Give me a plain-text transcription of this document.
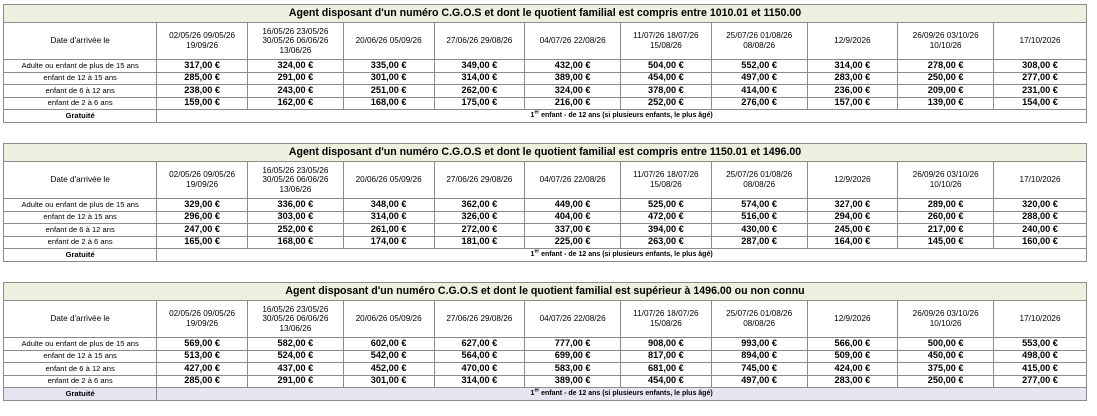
Agent disposant d'un numéro C.G.O.S et dont le quotient familial est compris entre 1010.01 et 1150.00										
Date d'arrivée le	02/05/26 09/05/26 19/09/26	16/05/26 23/05/26 30/05/26 06/06/26 13/06/26	20/06/26 05/09/26	27/06/26 29/08/26	04/07/26 22/08/26	11/07/26 18/07/26 15/08/26	25/07/26 01/08/26 08/08/26	12/9/2026	26/09/26 03/10/26 10/10/26	17/10/2026
Adulte ou enfant de plus de 15 ans	317,00 €	324,00 €	335,00 €	349,00 €	432,00 €	504,00 €	552,00 €	314,00 €	278,00 €	308,00 €
enfant de 12 à 15 ans	285,00 €	291,00 €	301,00 €	314,00 €	389,00 €	454,00 €	497,00 €	283,00 €	250,00 €	277,00 €
enfant de 6 à 12 ans	238,00 €	243,00 €	251,00 €	262,00 €	324,00 €	378,00 €	414,00 €	236,00 €	209,00 €	231,00 €
enfant de 2 à 6 ans	159,00 €	162,00 €	168,00 €	175,00 €	216,00 €	252,00 €	276,00 €	157,00 €	139,00 €	154,00 €
Gratuité	1er enfant - de 12 ans (si plusieurs enfants, le plus âgé)									
Agent disposant d'un numéro C.G.O.S et dont le quotient familial est compris entre 1150.01 et 1496.00										
Date d'arrivée le	02/05/26 09/05/26 19/09/26	16/05/26 23/05/26 30/05/26 06/06/26 13/06/26	20/06/26 05/09/26	27/06/26 29/08/26	04/07/26 22/08/26	11/07/26 18/07/26 15/08/26	25/07/26 01/08/26 08/08/26	12/9/2026	26/09/26 03/10/26 10/10/26	17/10/2026
Adulte ou enfant de plus de 15 ans	329,00 €	336,00 €	348,00 €	362,00 €	449,00 €	525,00 €	574,00 €	327,00 €	289,00 €	320,00 €
enfant de 12 à 15 ans	296,00 €	303,00 €	314,00 €	326,00 €	404,00 €	472,00 €	516,00 €	294,00 €	260,00 €	288,00 €
enfant de 6 à 12 ans	247,00 €	252,00 €	261,00 €	272,00 €	337,00 €	394,00 €	430,00 €	245,00 €	217,00 €	240,00 €
enfant de 2 à 6 ans	165,00 €	168,00 €	174,00 €	181,00 €	225,00 €	263,00 €	287,00 €	164,00 €	145,00 €	160,00 €
Gratuité	1er enfant - de 12 ans (si plusieurs enfants, le plus âgé)									
Agent disposant d'un numéro C.G.O.S et dont le quotient familial est supérieur à 1496.00 ou non connu										
Date d'arrivée le	02/05/26 09/05/26 19/09/26	16/05/26 23/05/26 30/05/26 06/06/26 13/06/26	20/06/26 05/09/26	27/06/26 29/08/26	04/07/26 22/08/26	11/07/26 18/07/26 15/08/26	25/07/26 01/08/26 08/08/26	12/9/2026	26/09/26 03/10/26 10/10/26	17/10/2026
Adulte ou enfant de plus de 15 ans	569,00 €	582,00 €	602,00 €	627,00 €	777,00 €	908,00 €	993,00 €	566,00 €	500,00 €	553,00 €
enfant de 12 à 15 ans	513,00 €	524,00 €	542,00 €	564,00 €	699,00 €	817,00 €	894,00 €	509,00 €	450,00 €	498,00 €
enfant de 6 à 12 ans	427,00 €	437,00 €	452,00 €	470,00 €	583,00 €	681,00 €	745,00 €	424,00 €	375,00 €	415,00 €
enfant de 2 à 6 ans	285,00 €	291,00 €	301,00 €	314,00 €	389,00 €	454,00 €	497,00 €	283,00 €	250,00 €	277,00 €
Gratuité	1er enfant - de 12 ans (si plusieurs enfants, le plus âgé)									
